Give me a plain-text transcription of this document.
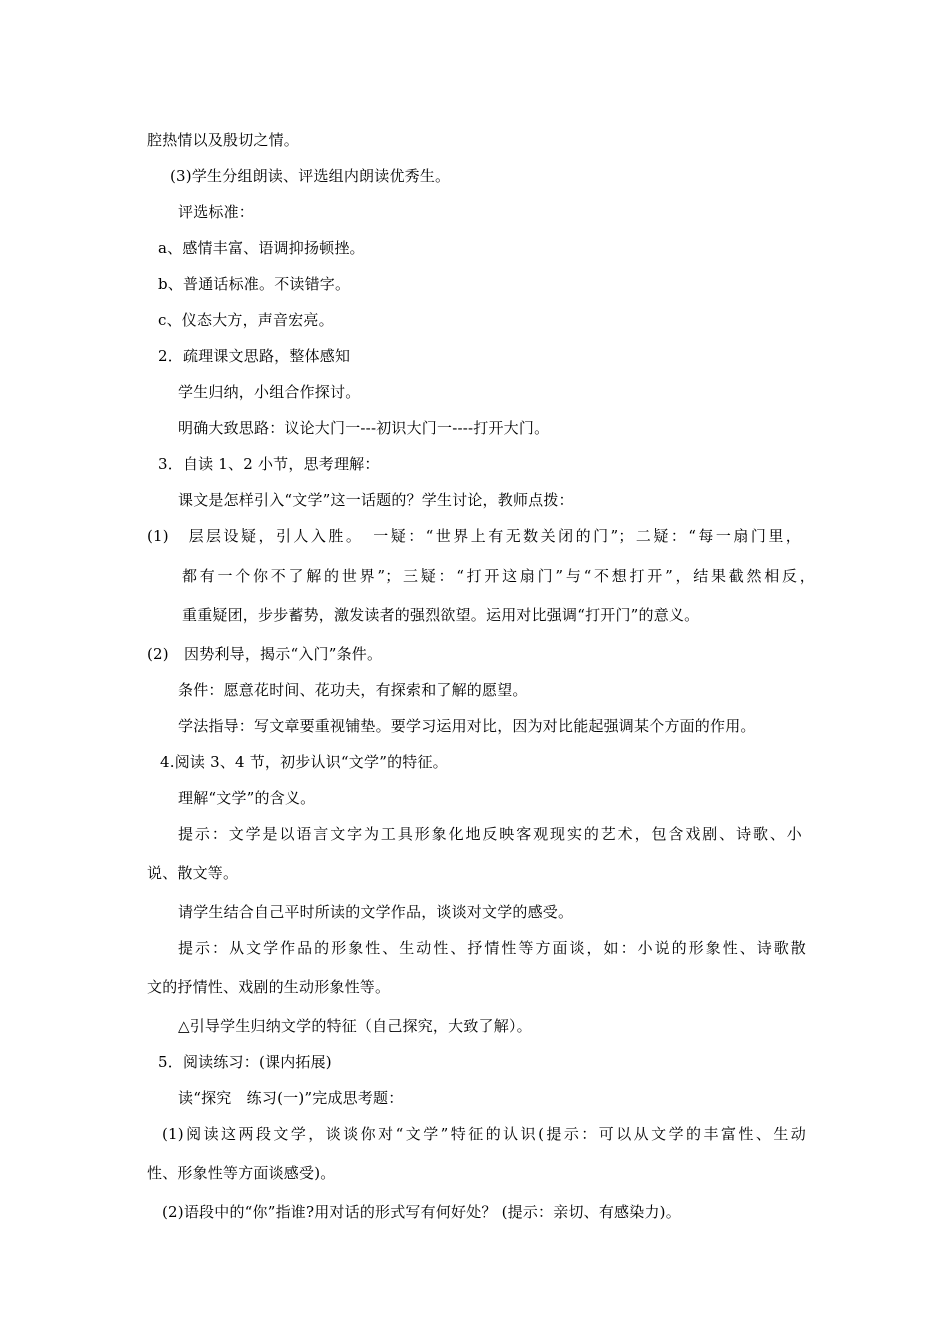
腔热情以及殷切之情。
(3)学生分组朗读、评选组内朗读优秀生。
评选标准：
a、感情丰富、语调抑扬顿挫。
b、普通话标准。不读错字。
c、仪态大方，声音宏亮。
2．疏理课文思路，整体感知
学生归纳，小组合作探讨。
明确大致思路：议论大门一---初识大门一----打开大门。
3．自读 1、2 小节，思考理解：
课文是怎样引入“文学”这一话题的？学生讨论，教师点拨：
(1)　层层设疑，引人入胜。　一疑：“世界上有无数关闭的门”；二疑：“每一扇门里，
都有一个你不了解的世界”；三疑：“打开这扇门”与“不想打开”，结果截然相反，
重重疑团，步步蓄势，激发读者的强烈欲望。运用对比强调“打开门”的意义。
(2)　因势利导，揭示“入门”条件。
条件：愿意花时间、花功夫，有探索和了解的愿望。
学法指导：写文章要重视铺垫。要学习运用对比，因为对比能起强调某个方面的作用。
4.阅读 3、4 节，初步认识“文学”的特征。
理解“文学”的含义。
提示：文学是以语言文字为工具形象化地反映客观现实的艺术，包含戏剧、诗歌、小
说、散文等。
请学生结合自己平时所读的文学作品，谈谈对文学的感受。
提示：从文学作品的形象性、生动性、抒情性等方面谈，如：小说的形象性、诗歌散
文的抒情性、戏剧的生动形象性等。
△引导学生归纳文学的特征（自己探究，大致了解）。
5．阅读练习：(课内拓展)
读“探究　练习(一)”完成思考题：
(1)阅读这两段文学，谈谈你对“文学”特征的认识(提示：可以从文学的丰富性、生动
性、形象性等方面谈感受)。
(2)语段中的“你”指谁?用对话的形式写有何好处？ (提示：亲切、有感染力)。
